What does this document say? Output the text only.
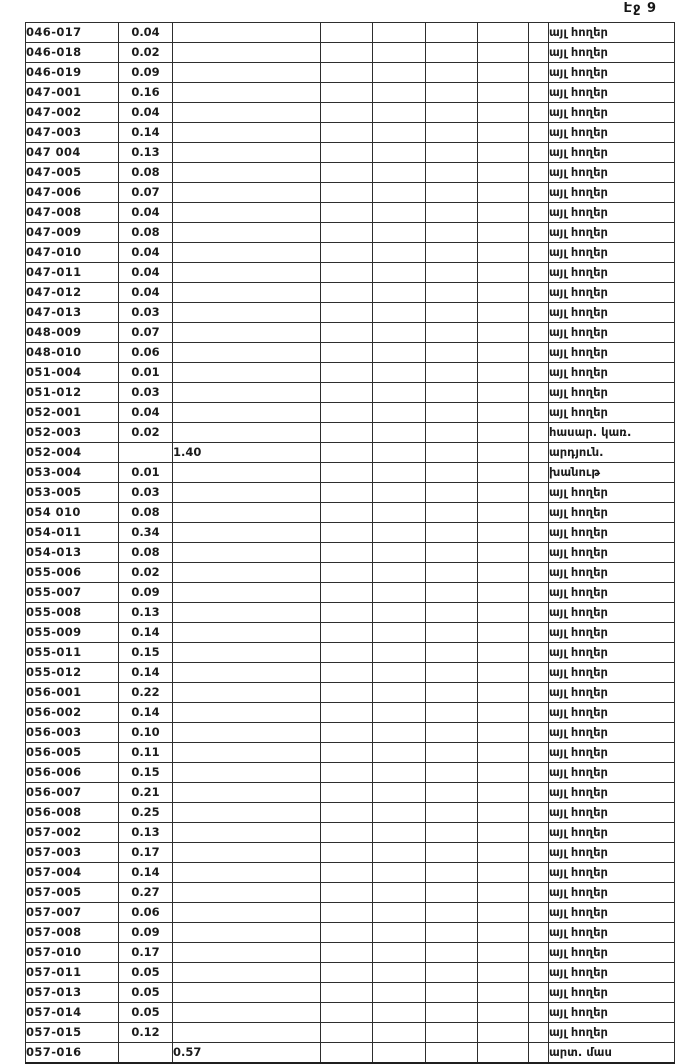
Էջ 9
046-017	0.04							այլ հողեր
046-018	0.02							այլ հողեր
046-019	0.09							այլ հողեր
047-001	0.16							այլ հողեր
047-002	0.04							այլ հողեր
047-003	0.14							այլ հողեր
047 004	0.13							այլ հողեր
047-005	0.08							այլ հողեր
047-006	0.07							այլ հողեր
047-008	0.04							այլ հողեր
047-009	0.08							այլ հողեր
047-010	0.04							այլ հողեր
047-011	0.04							այլ հողեր
047-012	0.04							այլ հողեր
047-013	0.03							այլ հողեր
048-009	0.07							այլ հողեր
048-010	0.06							այլ հողեր
051-004	0.01							այլ հողեր
051-012	0.03							այլ հողեր
052-001	0.04							այլ հողեր
052-003	0.02							հասար. կառ.
052-004		1.40						արդյուն.
053-004	0.01							խանութ
053-005	0.03							այլ հողեր
054 010	0.08							այլ հողեր
054-011	0.34							այլ հողեր
054-013	0.08							այլ հողեր
055-006	0.02							այլ հողեր
055-007	0.09							այլ հողեր
055-008	0.13							այլ հողեր
055-009	0.14							այլ հողեր
055-011	0.15							այլ հողեր
055-012	0.14							այլ հողեր
056-001	0.22							այլ հողեր
056-002	0.14							այլ հողեր
056-003	0.10							այլ հողեր
056-005	0.11							այլ հողեր
056-006	0.15							այլ հողեր
056-007	0.21							այլ հողեր
056-008	0.25							այլ հողեր
057-002	0.13							այլ հողեր
057-003	0.17							այլ հողեր
057-004	0.14							այլ հողեր
057-005	0.27							այլ հողեր
057-007	0.06							այլ հողեր
057-008	0.09							այլ հողեր
057-010	0.17							այլ հողեր
057-011	0.05							այլ հողեր
057-013	0.05							այլ հողեր
057-014	0.05							այլ հողեր
057-015	0.12							այլ հողեր
057-016		0.57						արտ. մաս
